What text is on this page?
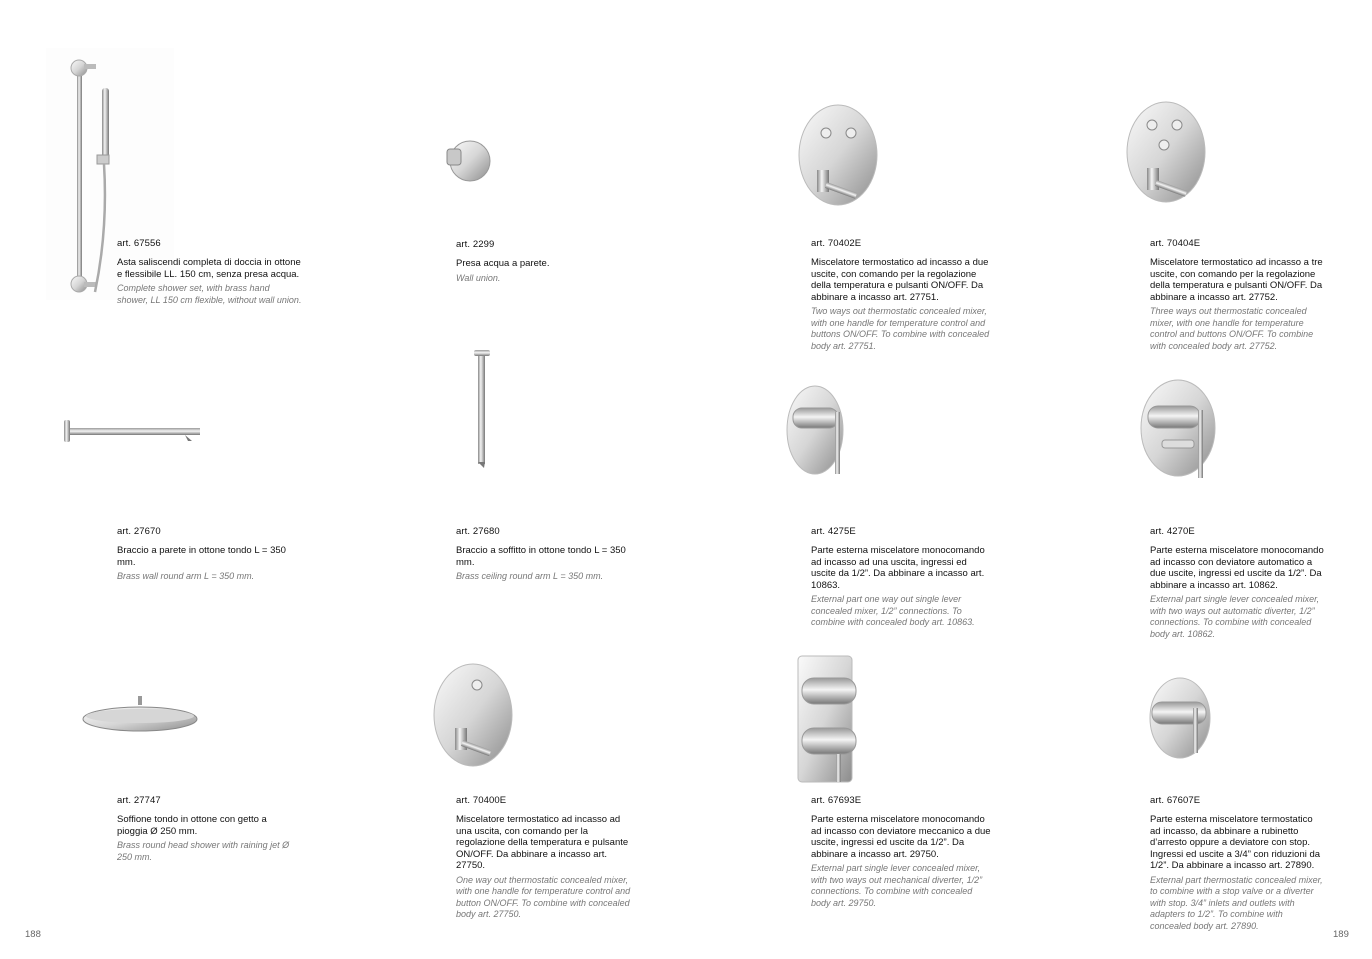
art. 67556

Asta saliscendi completa di doccia in ottone e flessibile LL. 150 cm, senza presa acqua.

Complete shower set, with brass hand shower, LL 150 cm flexible, without wall union.

art. 2299

Presa acqua a parete.

Wall union.

art. 70402E

Miscelatore termostatico ad incasso a due uscite, con comando per la regolazione della temperatura e pulsanti ON/OFF. Da abbinare a incasso art. 27751.

Two ways out thermostatic concealed mixer, with one handle for temperature control and buttons ON/OFF. To combine with concealed body art. 27751.

art. 70404E

Miscelatore termostatico ad incasso a tre uscite, con comando per la regolazione della temperatura e pulsanti ON/OFF. Da abbinare a incasso art. 27752.

Three ways out thermostatic concealed mixer, with one handle for temperature control and buttons ON/OFF. To combine with concealed body art. 27752.

art. 27670

Braccio a parete in ottone tondo L = 350 mm.

Brass wall round arm L = 350 mm.

art. 27680

Braccio a soffitto in ottone tondo L = 350 mm.

Brass ceiling round arm L = 350 mm.

art. 4275E

Parte esterna miscelatore monocomando ad incasso ad una uscita, ingressi ed uscite da 1/2”. Da abbinare a incasso art. 10863.

External part one way out single lever concealed mixer, 1/2” connections. To combine with concealed body art. 10863.

art. 4270E

Parte esterna miscelatore monocomando ad incasso con deviatore automatico a due uscite, ingressi ed uscite da 1/2”. Da abbinare a incasso art. 10862.

External part single lever concealed mixer, with two ways out automatic diverter, 1/2” connections. To combine with concealed body art. 10862.

art. 27747

Soffione tondo in ottone con getto a pioggia Ø 250 mm.

Brass round head shower with raining jet Ø 250 mm.

art. 70400E

Miscelatore termostatico ad incasso ad una uscita, con comando per la regolazione della temperatura e pulsante ON/OFF. Da abbinare a incasso art. 27750.

One way out thermostatic concealed mixer, with one handle for temperature control and button ON/OFF. To combine with concealed body art. 27750.

art. 67693E

Parte esterna miscelatore monocomando ad incasso con deviatore meccanico a due uscite, ingressi ed uscite da 1/2”. Da abbinare a incasso art. 29750.

External part single lever concealed mixer, with two ways out mechanical diverter, 1/2” connections. To combine with concealed body art. 29750.

art. 67607E

Parte esterna miscelatore termostatico ad incasso, da abbinare a rubinetto d’arresto oppure a deviatore con stop. Ingressi ed uscite a 3/4” con riduzioni da 1/2”. Da abbinare a incasso art. 27890.

External part thermostatic concealed mixer, to combine with a stop valve or a diverter with stop. 3/4” inlets and outlets with adapters to 1/2”. To combine with concealed body art. 27890.

188	189
